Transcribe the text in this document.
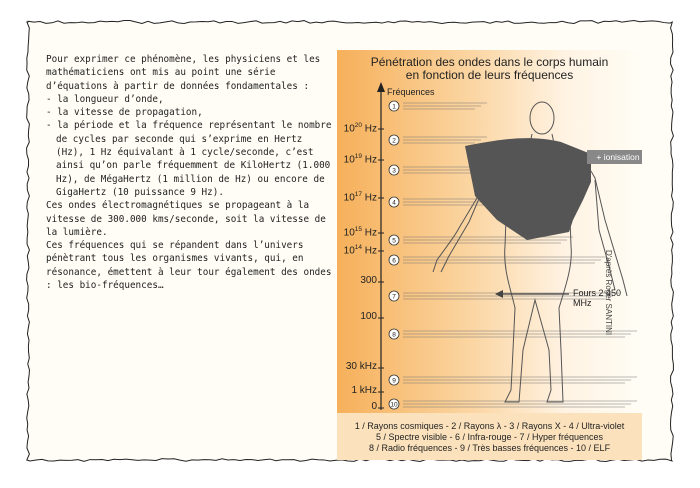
Pour exprimer ce phénomène, les physiciens et les mathématiciens ont mis au point une série d’équations à partir de données fondamentales :

- la longueur d’onde,
- la vitesse de propagation,
- la période et la fréquence représentant le nombre de cycles par seconde qui s’exprime en Hertz (Hz), 1 Hz équivalant à 1 cycle/seconde, c’est ainsi qu’on parle fréquemment de KiloHertz (1.000 Hz), de MégaHertz (1 million de Hz) ou encore de GigaHertz (10 puissance 9 Hz).

Ces ondes électromagnétiques se propageant à la vitesse de 300.000 kms/seconde, soit la vitesse de la lumière.

Ces fréquences qui se répandent dans l’univers pénètrant tous les organismes vivants, qui, en résonance, émettent à leur tour également des ondes : les bio-fréquences…

1
2
3
4
5
6
7
8
9
10
Pénétration des ondes dans le corps humain
en fonction de leurs fréquences
Fréquences
+ ionisation
Fours 2 450 MHz	D'après Roger SANTINI
$10^{20}$ Hz
$10^{19}$ Hz
$10^{17}$ Hz
$10^{15}$ Hz
$10^{14}$ Hz
300
100
30 kHz
1 kHz
0
1 / Rayons cosmiques - 2 / Rayons λ - 3 / Rayons X - 4 / Ultra-violet
5 / Spectre visible - 6 / Infra-rouge - 7 / Hyper fréquences
8 / Radio fréquences - 9 / Très basses fréquences - 10 / ELF
